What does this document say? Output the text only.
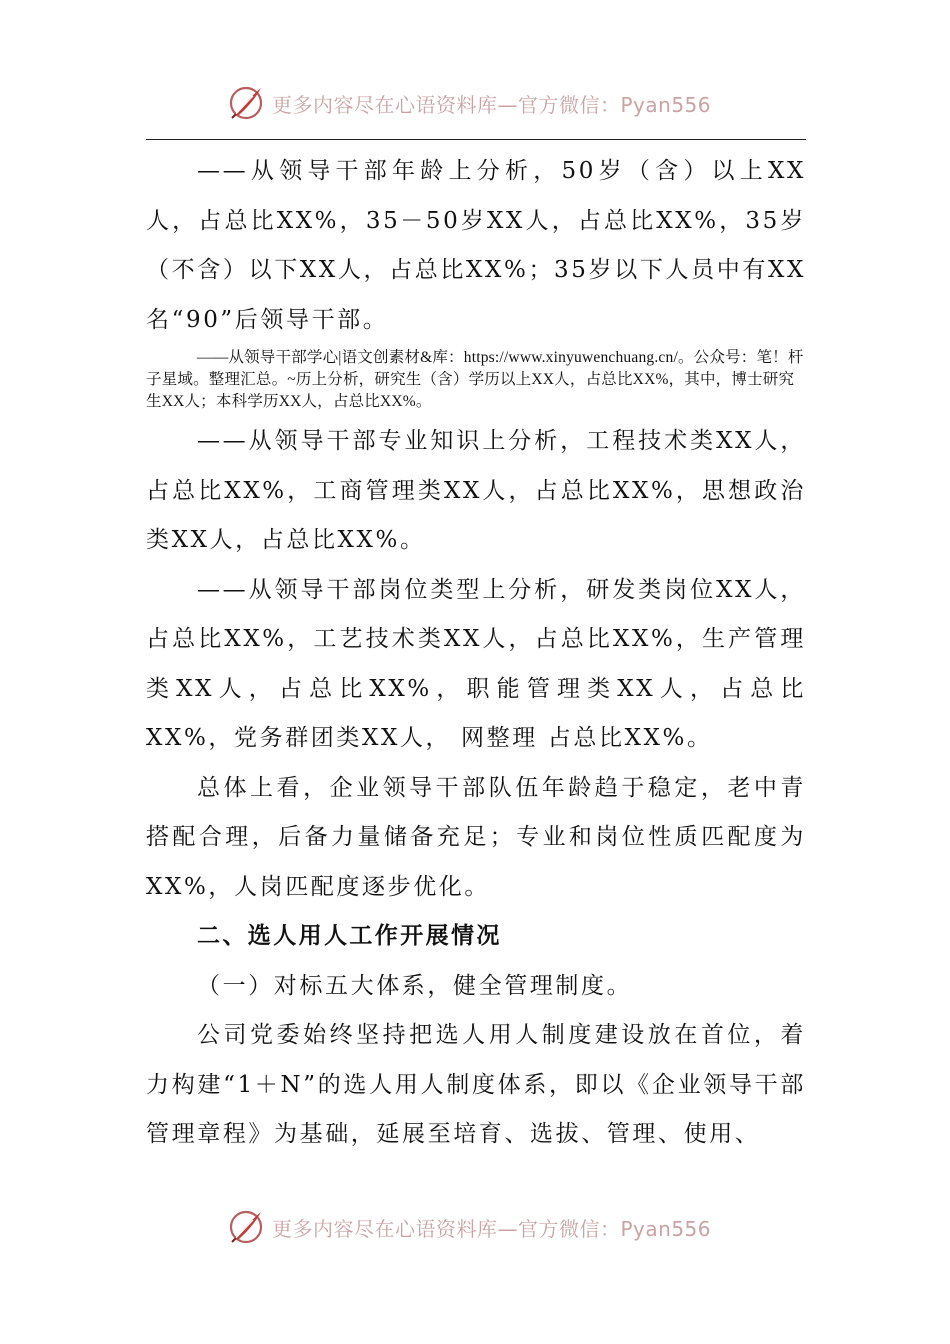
更多内容尽在心语资料库—官方微信：Pyan556

——从领导干部年龄上分析，50岁（含）以上XX人，占总比XX%，35－50岁XX人，占总比XX%，35岁（不含）以下XX人，占总比XX%；35岁以下人员中有XX名“90”后领导干部。

——从领导干部学心|语文创素材&库：https://www.xinyuwenchuang.cn/。公众号：笔！杆子星域。整理汇总。~历上分析，研究生（含）学历以上XX人，占总比XX%，其中，博士研究生XX人；本科学历XX人，占总比XX%。

——从领导干部专业知识上分析，工程技术类XX人，占总比XX%，工商管理类XX人，占总比XX%，思想政治类XX人，占总比XX%。

——从领导干部岗位类型上分析，研发类岗位XX人，占总比XX%，工艺技术类XX人，占总比XX%，生产管理类XX人，占总比XX%，职能管理类XX人，占总比XX%，党务群团类XX人， 网整理 占总比XX%。

总体上看，企业领导干部队伍年龄趋于稳定，老中青搭配合理，后备力量储备充足；专业和岗位性质匹配度为XX%，人岗匹配度逐步优化。

二、选人用人工作开展情况

（一）对标五大体系，健全管理制度。

公司党委始终坚持把选人用人制度建设放在首位，着力构建“1＋N”的选人用人制度体系，即以《企业领导干部管理章程》为基础，延展至培育、选拔、管理、使用、

更多内容尽在心语资料库—官方微信：Pyan556
